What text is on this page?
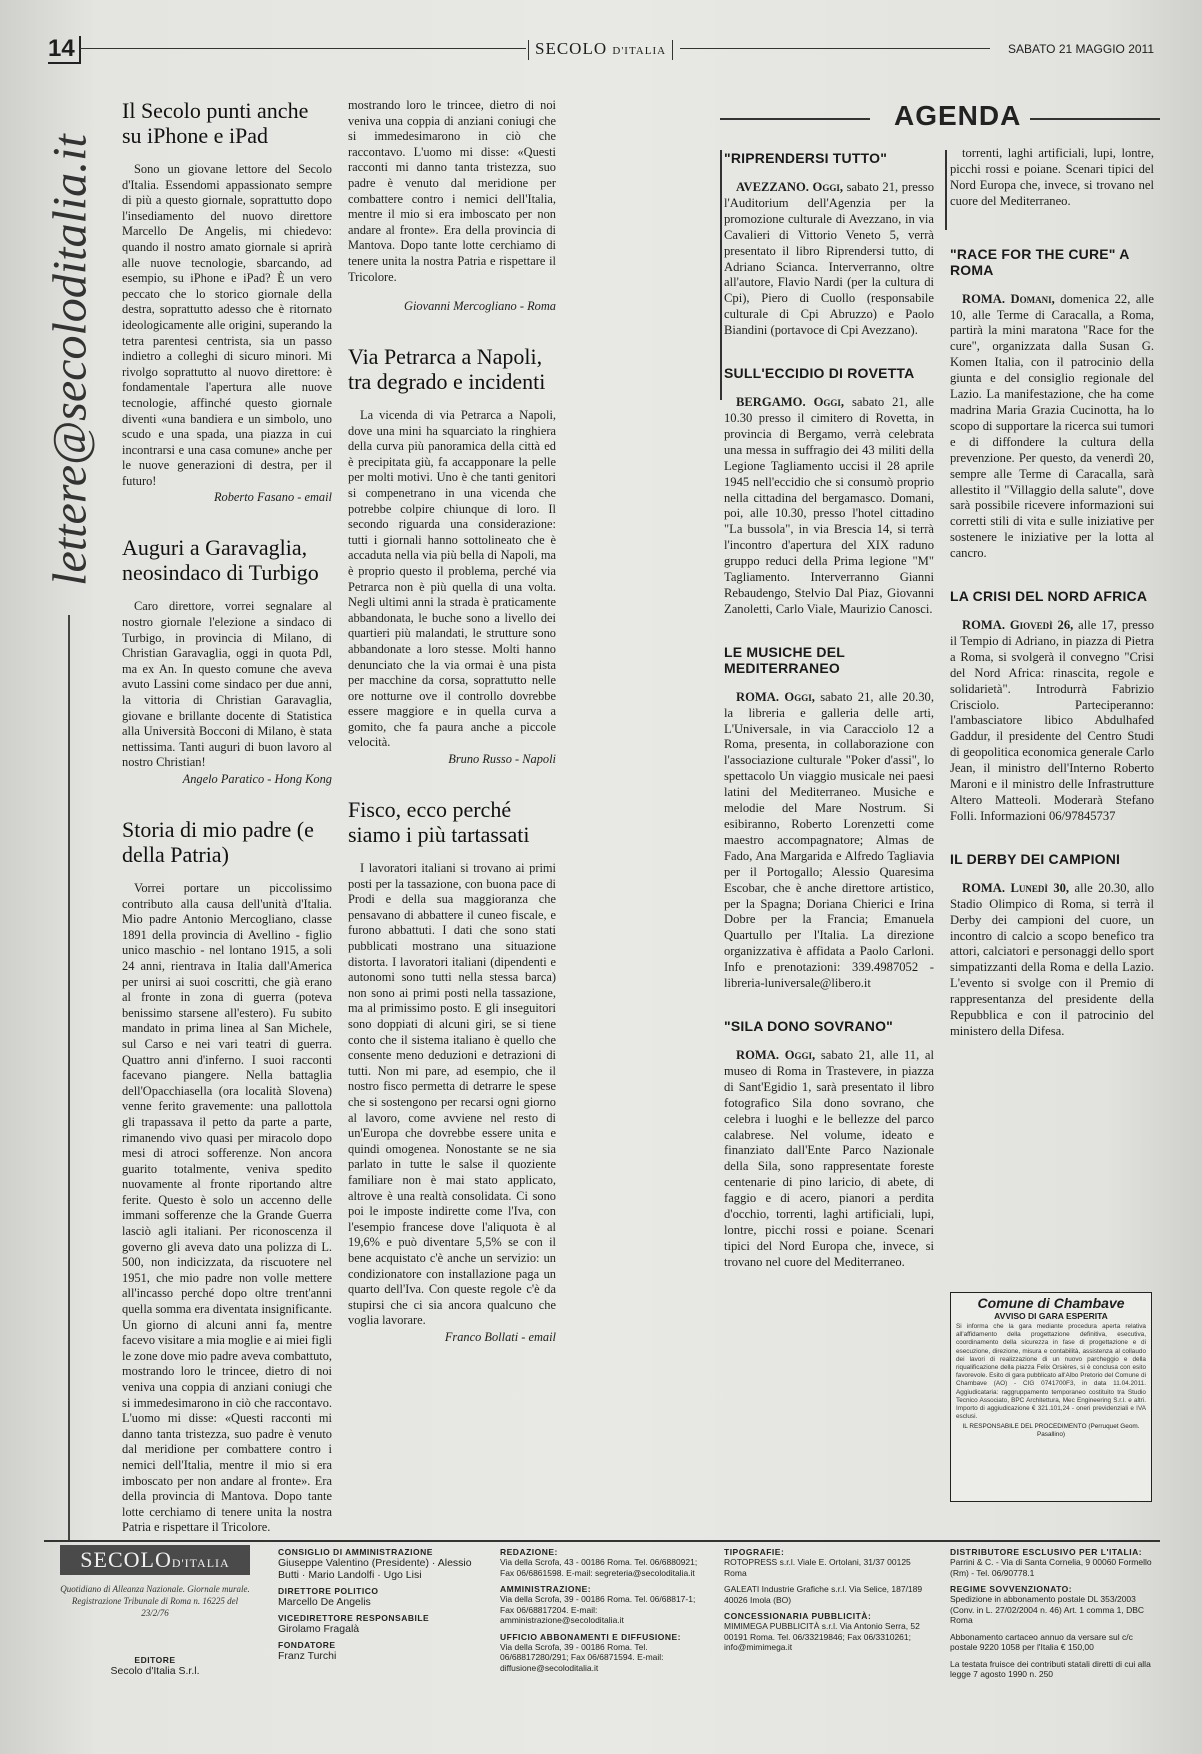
14	SECOLO D'ITALIA	SABATO 21 MAGGIO 2011
lettere@secoloditalia.it
Il Secolo punti anche su iPhone e iPad

Sono un giovane lettore del Secolo d'Italia. Essendomi appassionato sempre di più a questo giornale, soprattutto dopo l'insediamento del nuovo direttore Marcello De Angelis, mi chiedevo: quando il nostro amato giornale si aprirà alle nuove tecnologie, sbarcando, ad esempio, su iPhone e iPad? È un vero peccato che lo storico giornale della destra, soprattutto adesso che è ritornato ideologicamente alle origini, superando la tetra parentesi centrista, sia un passo indietro a colleghi di sicuro minori. Mi rivolgo soprattutto al nuovo direttore: è fondamentale l'apertura alle nuove tecnologie, affinché questo giornale diventi «una bandiera e un simbolo, uno scudo e una spada, una piazza in cui incontrarsi e una casa comune» anche per le nuove generazioni di destra, per il futuro!

Roberto Fasano - email
Auguri a Garavaglia, neosindaco di Turbigo

Caro direttore, vorrei segnalare al nostro giornale l'elezione a sindaco di Turbigo, in provincia di Milano, di Christian Garavaglia, oggi in quota Pdl, ma ex An. In questo comune che aveva avuto Lassini come sindaco per due anni, la vittoria di Christian Garavaglia, giovane e brillante docente di Statistica alla Università Bocconi di Milano, è stata nettissima. Tanti auguri di buon lavoro al nostro Christian!

Angelo Paratico - Hong Kong
Storia di mio padre (e della Patria)

Vorrei portare un piccolissimo contributo alla causa dell'unità d'Italia. Mio padre Antonio Mercogliano, classe 1891 della provincia di Avellino - figlio unico maschio - nel lontano 1915, a soli 24 anni, rientrava in Italia dall'America per unirsi ai suoi coscritti, che già erano al fronte in zona di guerra (poteva benissimo starsene all'estero). Fu subito mandato in prima linea al San Michele, sul Carso e nei vari teatri di guerra. Quattro anni d'inferno. I suoi racconti facevano piangere. Nella battaglia dell'Opacchiasella (ora località Slovena) venne ferito gravemente: una pallottola gli trapassava il petto da parte a parte, rimanendo vivo quasi per miracolo dopo mesi di atroci sofferenze. Non ancora guarito totalmente, veniva spedito nuovamente al fronte riportando altre ferite. Questo è solo un accenno delle immani sofferenze che la Grande Guerra lasciò agli italiani. Per riconoscenza il governo gli aveva dato una polizza di L. 500, non indicizzata, da riscuotere nel 1951, che mio padre non volle mettere all'incasso perché dopo oltre trent'anni quella somma era diventata insignificante. Un giorno di alcuni anni fa, mentre facevo visitare a mia moglie e ai miei figli le zone dove mio padre aveva combattuto, mostrando loro le trincee, dietro di noi veniva una coppia di anziani coniugi che si immedesimarono in ciò che raccontavo. L'uomo mi disse: «Questi racconti mi danno tanta tristezza, suo padre è venuto dal meridione per combattere contro i nemici dell'Italia, mentre il mio si era imboscato per non andare al fronte». Era della provincia di Mantova. Dopo tante lotte cerchiamo di tenere unita la nostra Patria e rispettare il Tricolore.

mostrando loro le trincee, dietro di noi veniva una coppia di anziani coniugi che si immedesimarono in ciò che raccontavo. L'uomo mi disse: «Questi racconti mi danno tanta tristezza, suo padre è venuto dal meridione per combattere contro i nemici dell'Italia, mentre il mio si era imboscato per non andare al fronte». Era della provincia di Mantova. Dopo tante lotte cerchiamo di tenere unita la nostra Patria e rispettare il Tricolore.

Giovanni Mercogliano - Roma
Via Petrarca a Napoli, tra degrado e incidenti

La vicenda di via Petrarca a Napoli, dove una mini ha squarciato la ringhiera della curva più panoramica della città ed è precipitata giù, fa accapponare la pelle per molti motivi. Uno è che tanti genitori si compenetrano in una vicenda che potrebbe colpire chiunque di loro. Il secondo riguarda una considerazione: tutti i giornali hanno sottolineato che è accaduta nella via più bella di Napoli, ma è proprio questo il problema, perché via Petrarca non è più quella di una volta. Negli ultimi anni la strada è praticamente abbandonata, le buche sono a livello dei quartieri più malandati, le strutture sono abbandonate a loro stesse. Molti hanno denunciato che la via ormai è una pista per macchine da corsa, soprattutto nelle ore notturne ove il controllo dovrebbe essere maggiore e in quella curva a gomito, che fa paura anche a piccole velocità.

Bruno Russo - Napoli
Fisco, ecco perché siamo i più tartassati

I lavoratori italiani si trovano ai primi posti per la tassazione, con buona pace di Prodi e della sua maggioranza che pensavano di abbattere il cuneo fiscale, e furono abbattuti. I dati che sono stati pubblicati mostrano una situazione distorta. I lavoratori italiani (dipendenti e autonomi sono tutti nella stessa barca) non sono ai primi posti nella tassazione, ma al primissimo posto. E gli inseguitori sono doppiati di alcuni giri, se si tiene conto che il sistema italiano è quello che consente meno deduzioni e detrazioni di tutti. Non mi pare, ad esempio, che il nostro fisco permetta di detrarre le spese che si sostengono per recarsi ogni giorno al lavoro, come avviene nel resto di un'Europa che dovrebbe essere unita e quindi omogenea. Nonostante se ne sia parlato in tutte le salse il quoziente familiare non è mai stato applicato, altrove è una realtà consolidata. Ci sono poi le imposte indirette come l'Iva, con l'esempio francese dove l'aliquota è al 19,6% e può diventare 5,5% se con il bene acquistato c'è anche un servizio: un condizionatore con installazione paga un quarto dell'Iva. Con queste regole c'è da stupirsi che ci sia ancora qualcuno che voglia lavorare.

Franco Bollati - email
AGENDA
"RIPRENDERSI TUTTO"

AVEZZANO. Oggi, sabato 21, presso l'Auditorium dell'Agenzia per la promozione culturale di Avezzano, in via Cavalieri di Vittorio Veneto 5, verrà presentato il libro Riprendersi tutto, di Adriano Scianca. Interverranno, oltre all'autore, Flavio Nardi (per la cultura di Cpi), Piero di Cuollo (responsabile culturale di Cpi Abruzzo) e Paolo Biandini (portavoce di Cpi Avezzano).

SULL'ECCIDIO DI ROVETTA

BERGAMO. Oggi, sabato 21, alle 10.30 presso il cimitero di Rovetta, in provincia di Bergamo, verrà celebrata una messa in suffragio dei 43 militi della Legione Tagliamento uccisi il 28 aprile 1945 nell'eccidio che si consumò proprio nella cittadina del bergamasco. Domani, poi, alle 10.30, presso l'hotel cittadino "La bussola", in via Brescia 14, si terrà l'incontro d'apertura del XIX raduno gruppo reduci della Prima legione "M" Tagliamento. Interverranno Gianni Rebaudengo, Stelvio Dal Piaz, Giovanni Zanoletti, Carlo Viale, Maurizio Canosci.

LE MUSICHE DEL MEDITERRANEO

ROMA. Oggi, sabato 21, alle 20.30, la libreria e galleria delle arti, L'Universale, in via Caracciolo 12 a Roma, presenta, in collaborazione con l'associazione culturale "Poker d'assi", lo spettacolo Un viaggio musicale nei paesi latini del Mediterraneo. Musiche e melodie del Mare Nostrum. Si esibiranno, Roberto Lorenzetti come maestro accompagnatore; Almas de Fado, Ana Margarida e Alfredo Tagliavia per il Portogallo; Alessio Quaresima Escobar, che è anche direttore artistico, per la Spagna; Doriana Chierici e Irina Dobre per la Francia; Emanuela Quartullo per l'Italia. La direzione organizzativa è affidata a Paolo Carloni. Info e prenotazioni: 339.4987052 - libreria-luniversale@libero.it

"SILA DONO SOVRANO"

ROMA. Oggi, sabato 21, alle 11, al museo di Roma in Trastevere, in piazza di Sant'Egidio 1, sarà presentato il libro fotografico Sila dono sovrano, che celebra i luoghi e le bellezze del parco calabrese. Nel volume, ideato e finanziato dall'Ente Parco Nazionale della Sila, sono rappresentate foreste centenarie di pino laricio, di abete, di faggio e di acero, pianori a perdita d'occhio, torrenti, laghi artificiali, lupi, lontre, picchi rossi e poiane. Scenari tipici del Nord Europa che, invece, si trovano nel cuore del Mediterraneo.

torrenti, laghi artificiali, lupi, lontre, picchi rossi e poiane. Scenari tipici del Nord Europa che, invece, si trovano nel cuore del Mediterraneo.

"RACE FOR THE CURE" A ROMA

ROMA. Domani, domenica 22, alle 10, alle Terme di Caracalla, a Roma, partirà la mini maratona "Race for the cure", organizzata dalla Susan G. Komen Italia, con il patrocinio della giunta e del consiglio regionale del Lazio. La manifestazione, che ha come madrina Maria Grazia Cucinotta, ha lo scopo di supportare la ricerca sui tumori e di diffondere la cultura della prevenzione. Per questo, da venerdì 20, sempre alle Terme di Caracalla, sarà allestito il "Villaggio della salute", dove sarà possibile ricevere informazioni sui corretti stili di vita e sulle iniziative per sostenere le iniziative per la lotta al cancro.

LA CRISI DEL NORD AFRICA

ROMA. Giovedì 26, alle 17, presso il Tempio di Adriano, in piazza di Pietra a Roma, si svolgerà il convegno "Crisi del Nord Africa: rinascita, regole e solidarietà". Introdurrà Fabrizio Crisciolo. Parteciperanno: l'ambasciatore libico Abdulhafed Gaddur, il presidente del Centro Studi di geopolitica economica generale Carlo Jean, il ministro dell'Interno Roberto Maroni e il ministro delle Infrastrutture Altero Matteoli. Moderarà Stefano Folli. Informazioni 06/97845737

IL DERBY DEI CAMPIONI

ROMA. Lunedì 30, alle 20.30, allo Stadio Olimpico di Roma, si terrà il Derby dei campioni del cuore, un incontro di calcio a scopo benefico tra attori, calciatori e personaggi dello sport simpatizzanti della Roma e della Lazio. L'evento si svolge con il Premio di rappresentanza del presidente della Repubblica e con il patrocinio del ministero della Difesa.

Comune di Chambave
AVVISO DI GARA ESPERITA
Si informa che la gara mediante procedura aperta relativa all'affidamento della progettazione definitiva, esecutiva, coordinamento della sicurezza in fase di progettazione e di esecuzione, direzione, misura e contabilità, assistenza al collaudo dei lavori di realizzazione di un nuovo parcheggio e della riqualificazione della piazza Felix Orsières, si è conclusa con esito favorevole. Esito di gara pubblicato all'Albo Pretorio del Comune di Chambave (AO) - CIG 0741700F3, in data 11.04.2011. Aggiudicataria: raggruppamento temporaneo costituito tra Studio Tecnico Associato, BPC Architettura, Mec Engineering S.r.l. e altri. Importo di aggiudicazione € 321.101,24 - oneri previdenziali e IVA esclusi.
IL RESPONSABILE DEL PROCEDIMENTO (Perruquet Geom. Pasallino)
SECOLOD'ITALIA
Quotidiano di Alleanza Nazionale. Giornale murale. Registrazione Tribunale di Roma n. 16225 del 23/2/76
EDITORE
Secolo d'Italia S.r.l.
CONSIGLIO DI AMMINISTRAZIONE
Giuseppe Valentino (Presidente) · Alessio Butti · Mario Landolfi · Ugo Lisi
DIRETTORE POLITICO
Marcello De Angelis
VICEDIRETTORE RESPONSABILE
Girolamo Fragalà
FONDATORE
Franz Turchi
REDAZIONE:
Via della Scrofa, 43 - 00186 Roma. Tel. 06/6880921; Fax 06/6861598. E-mail: segreteria@secoloditalia.it
AMMINISTRAZIONE:
Via della Scrofa, 39 - 00186 Roma. Tel. 06/68817-1; Fax 06/68817204. E-mail: amministrazione@secoloditalia.it
UFFICIO ABBONAMENTI E DIFFUSIONE:
Via della Scrofa, 39 - 00186 Roma. Tel. 06/68817280/291; Fax 06/6871594. E-mail: diffusione@secoloditalia.it
TIPOGRAFIE:
ROTOPRESS s.r.l. Viale E. Ortolani, 31/37 00125 Roma
GALEATI Industrie Grafiche s.r.l. Via Selice, 187/189 40026 Imola (BO)
CONCESSIONARIA PUBBLICITÀ:
MIMIMEGA PUBBLICITÀ s.r.l. Via Antonio Serra, 52 00191 Roma. Tel. 06/33219846; Fax 06/3310261; info@mimimega.it
DISTRIBUTORE ESCLUSIVO PER L'ITALIA:
Parrini & C. - Via di Santa Cornelia, 9 00060 Formello (Rm) - Tel. 06/90778.1
REGIME SOVVENZIONATO:
Spedizione in abbonamento postale DL 353/2003 (Conv. in L. 27/02/2004 n. 46) Art. 1 comma 1, DBC Roma
Abbonamento cartaceo annuo da versare sul c/c postale 9220 1058 per l'Italia € 150,00
La testata fruisce dei contributi statali diretti di cui alla legge 7 agosto 1990 n. 250
